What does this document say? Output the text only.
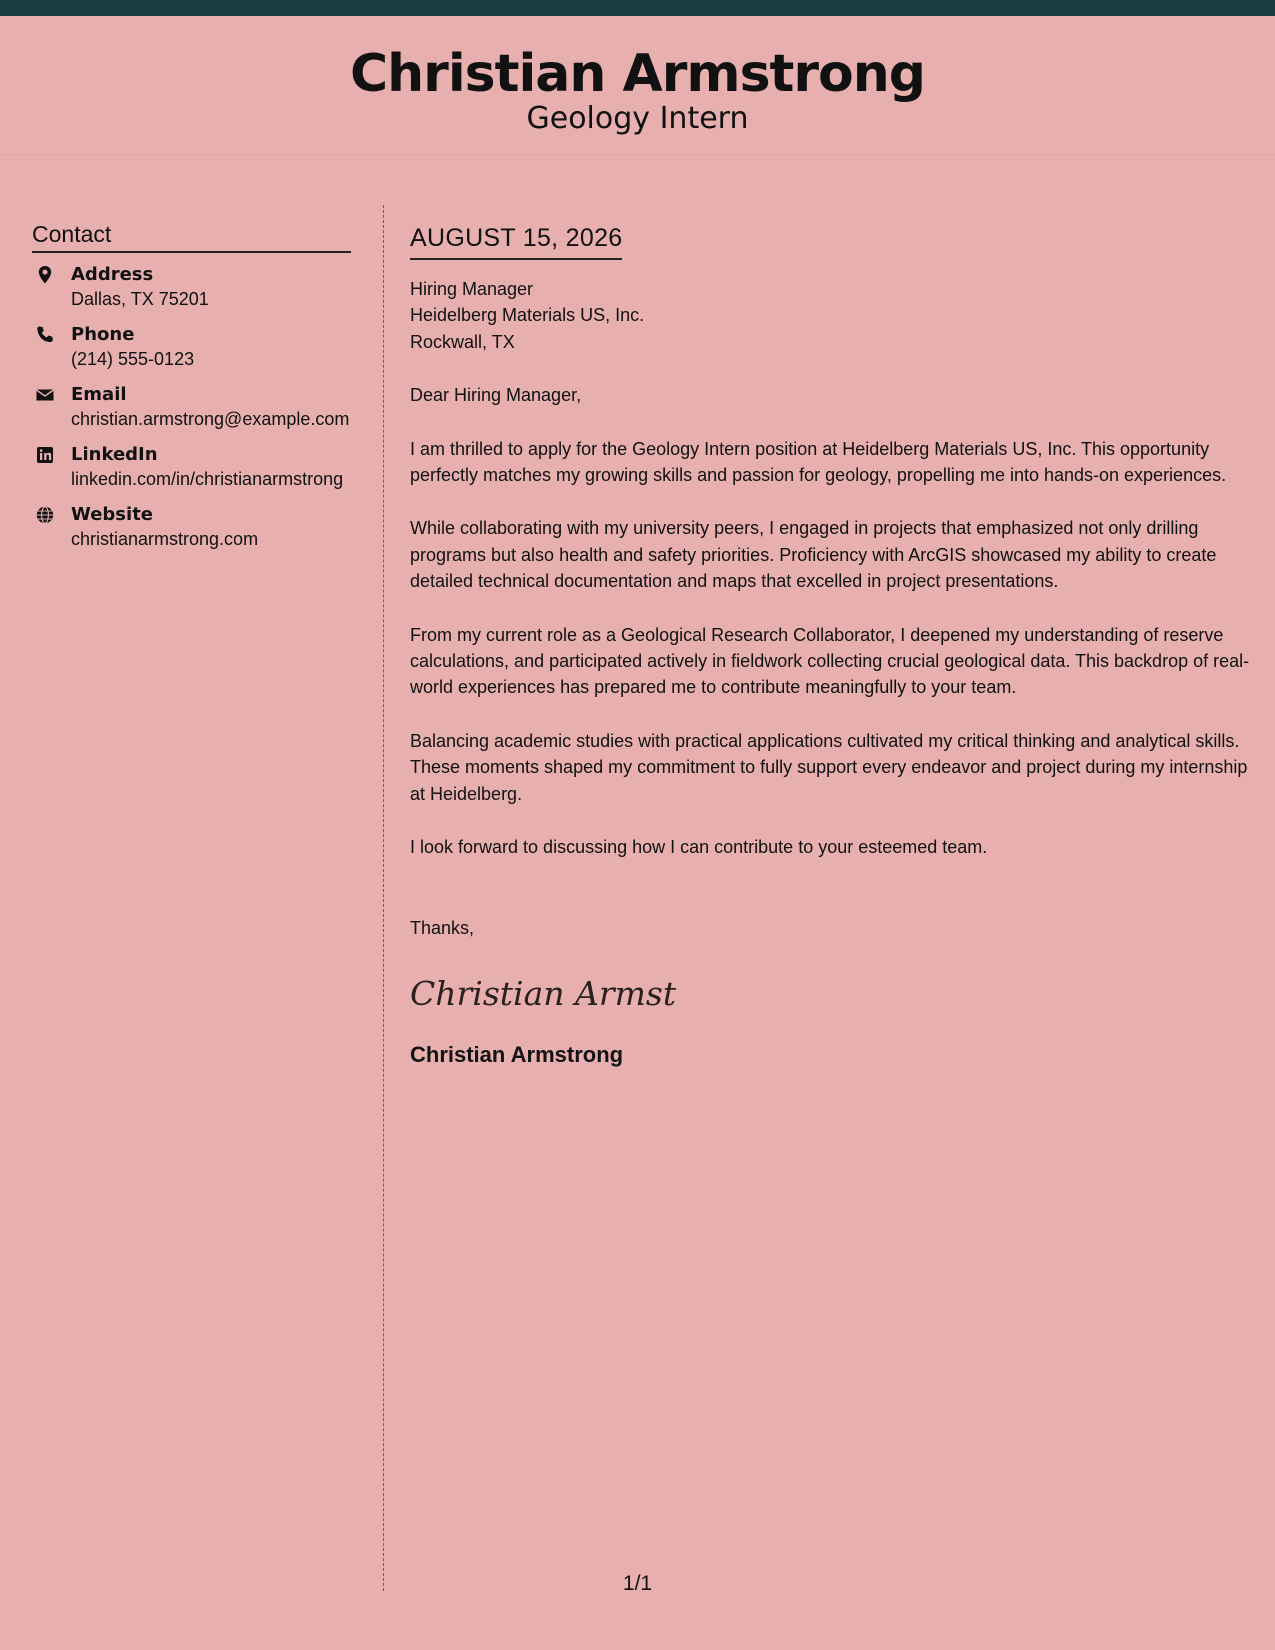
Christian Armstrong
Geology Intern
Contact
Address
Dallas, TX 75201
Phone
(214) 555-0123
Email
christian.armstrong@example.com
LinkedIn
linkedin.com/in/christianarmstrong
Website
christianarmstrong.com
AUGUST 15, 2026
Hiring Manager
Heidelberg Materials US, Inc.
Rockwall, TX

Dear Hiring Manager,

I am thrilled to apply for the Geology Intern position at Heidelberg Materials US, Inc. This opportunity perfectly matches my growing skills and passion for geology, propelling me into hands-on experiences.

While collaborating with my university peers, I engaged in projects that emphasized not only drilling programs but also health and safety priorities. Proficiency with ArcGIS showcased my ability to create detailed technical documentation and maps that excelled in project presentations.

From my current role as a Geological Research Collaborator, I deepened my understanding of reserve calculations, and participated actively in fieldwork collecting crucial geological data. This backdrop of real-world experiences has prepared me to contribute meaningfully to your team.

Balancing academic studies with practical applications cultivated my critical thinking and analytical skills. These moments shaped my commitment to fully support every endeavor and project during my internship at Heidelberg.

I look forward to discussing how I can contribute to your esteemed team.

Thanks,
Christian Armst
Christian Armstrong
1/1
